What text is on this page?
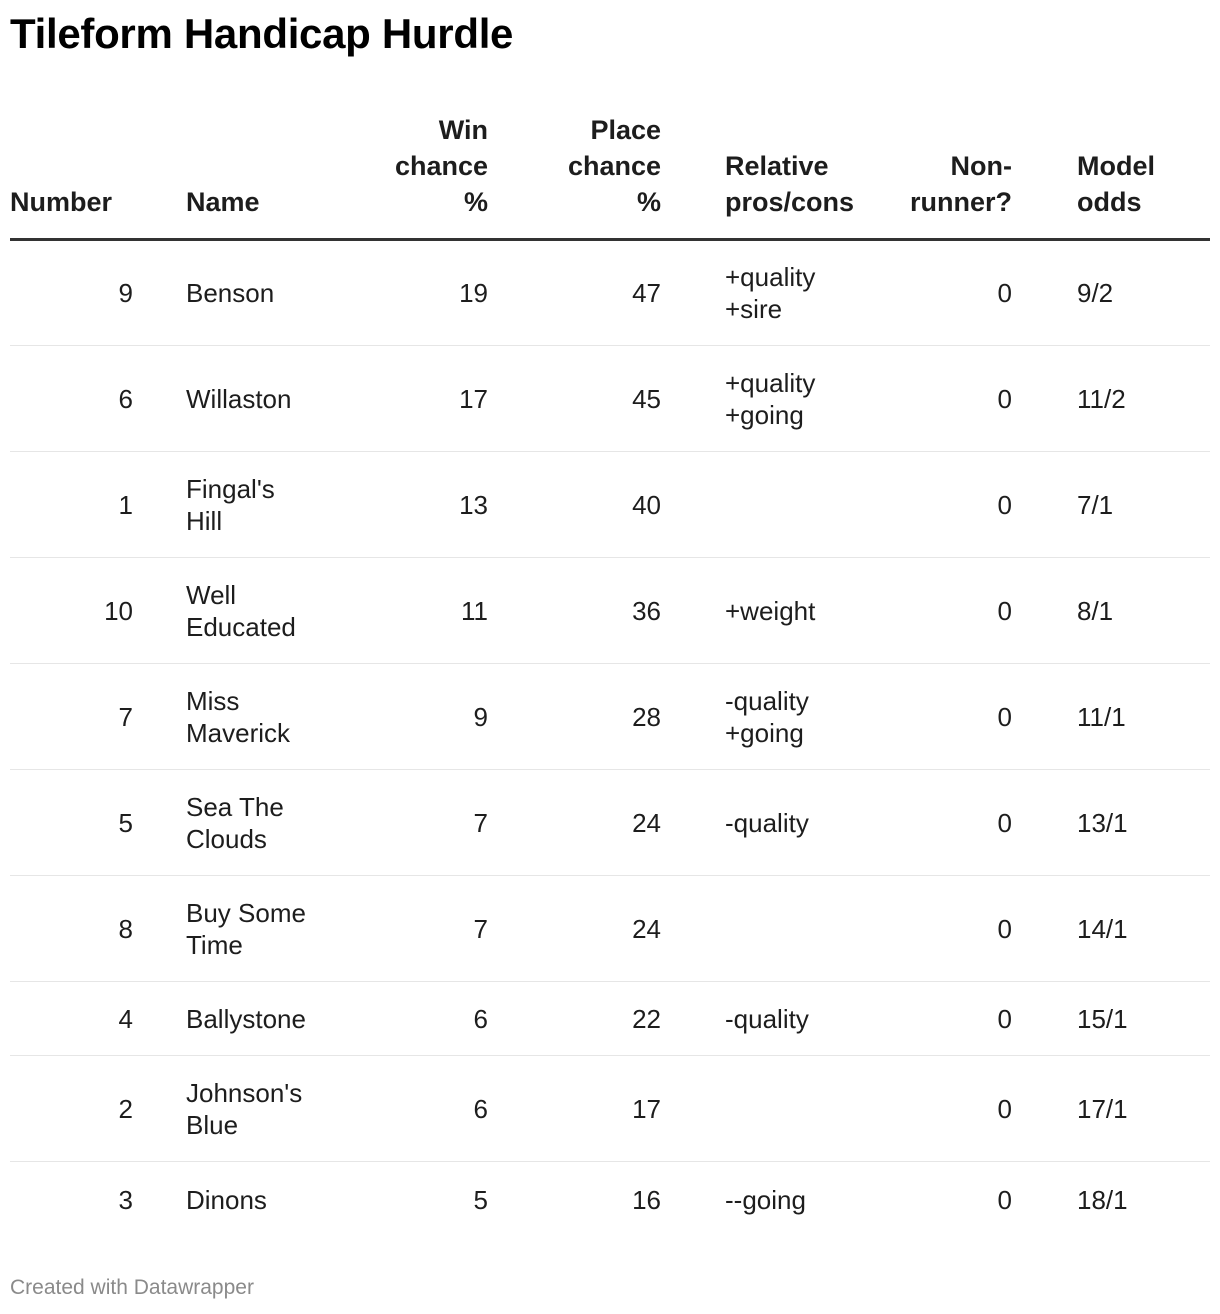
Tileform Handicap Hurdle
Number	Name	Win
chance
%	Place
chance
%	Relative
pros/cons	Non-
runner?	Model
odds
9	Benson	19	47	+quality
+sire	0	9/2
6	Willaston	17	45	+quality
+going	0	11/2
1	Fingal's
Hill	13	40		0	7/1
10	Well
Educated	11	36	+weight	0	8/1
7	Miss
Maverick	9	28	-quality
+going	0	11/1
5	Sea The
Clouds	7	24	-quality	0	13/1
8	Buy Some
Time	7	24		0	14/1
4	Ballystone	6	22	-quality	0	15/1
2	Johnson's
Blue	6	17		0	17/1
3	Dinons	5	16	--going	0	18/1
Created with Datawrapper
